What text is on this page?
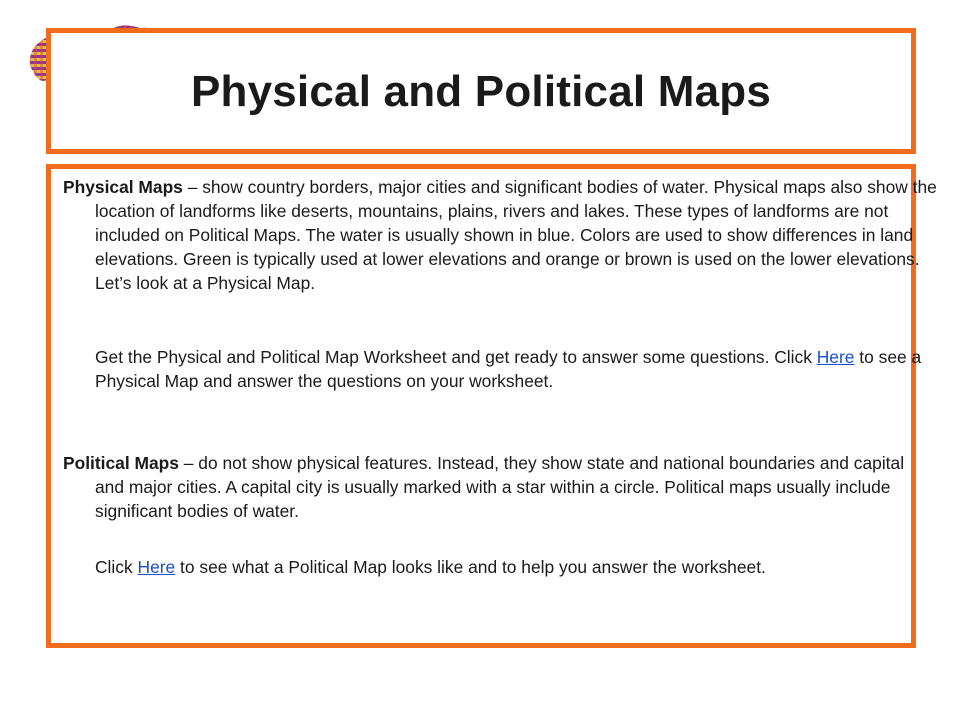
Physical and Political Maps
Physical Maps – show country borders, major cities and significant bodies of water. Physical maps also show the location of landforms like deserts, mountains, plains, rivers and lakes. These types of landforms are not included on Political Maps. The water is usually shown in blue. Colors are used to show differences in land elevations. Green is typically used at lower elevations and orange or brown is used on the lower elevations. Let’s look at a Physical Map.
Get the Physical and Political Map Worksheet and get ready to answer some questions. Click Here to see a Physical Map and answer the questions on your worksheet.
Political Maps – do not show physical features. Instead, they show state and national boundaries and capital and major cities. A capital city is usually marked with a star within a circle. Political maps usually include significant bodies of water.
Click Here to see what a Political Map looks like and to help you answer the worksheet.
